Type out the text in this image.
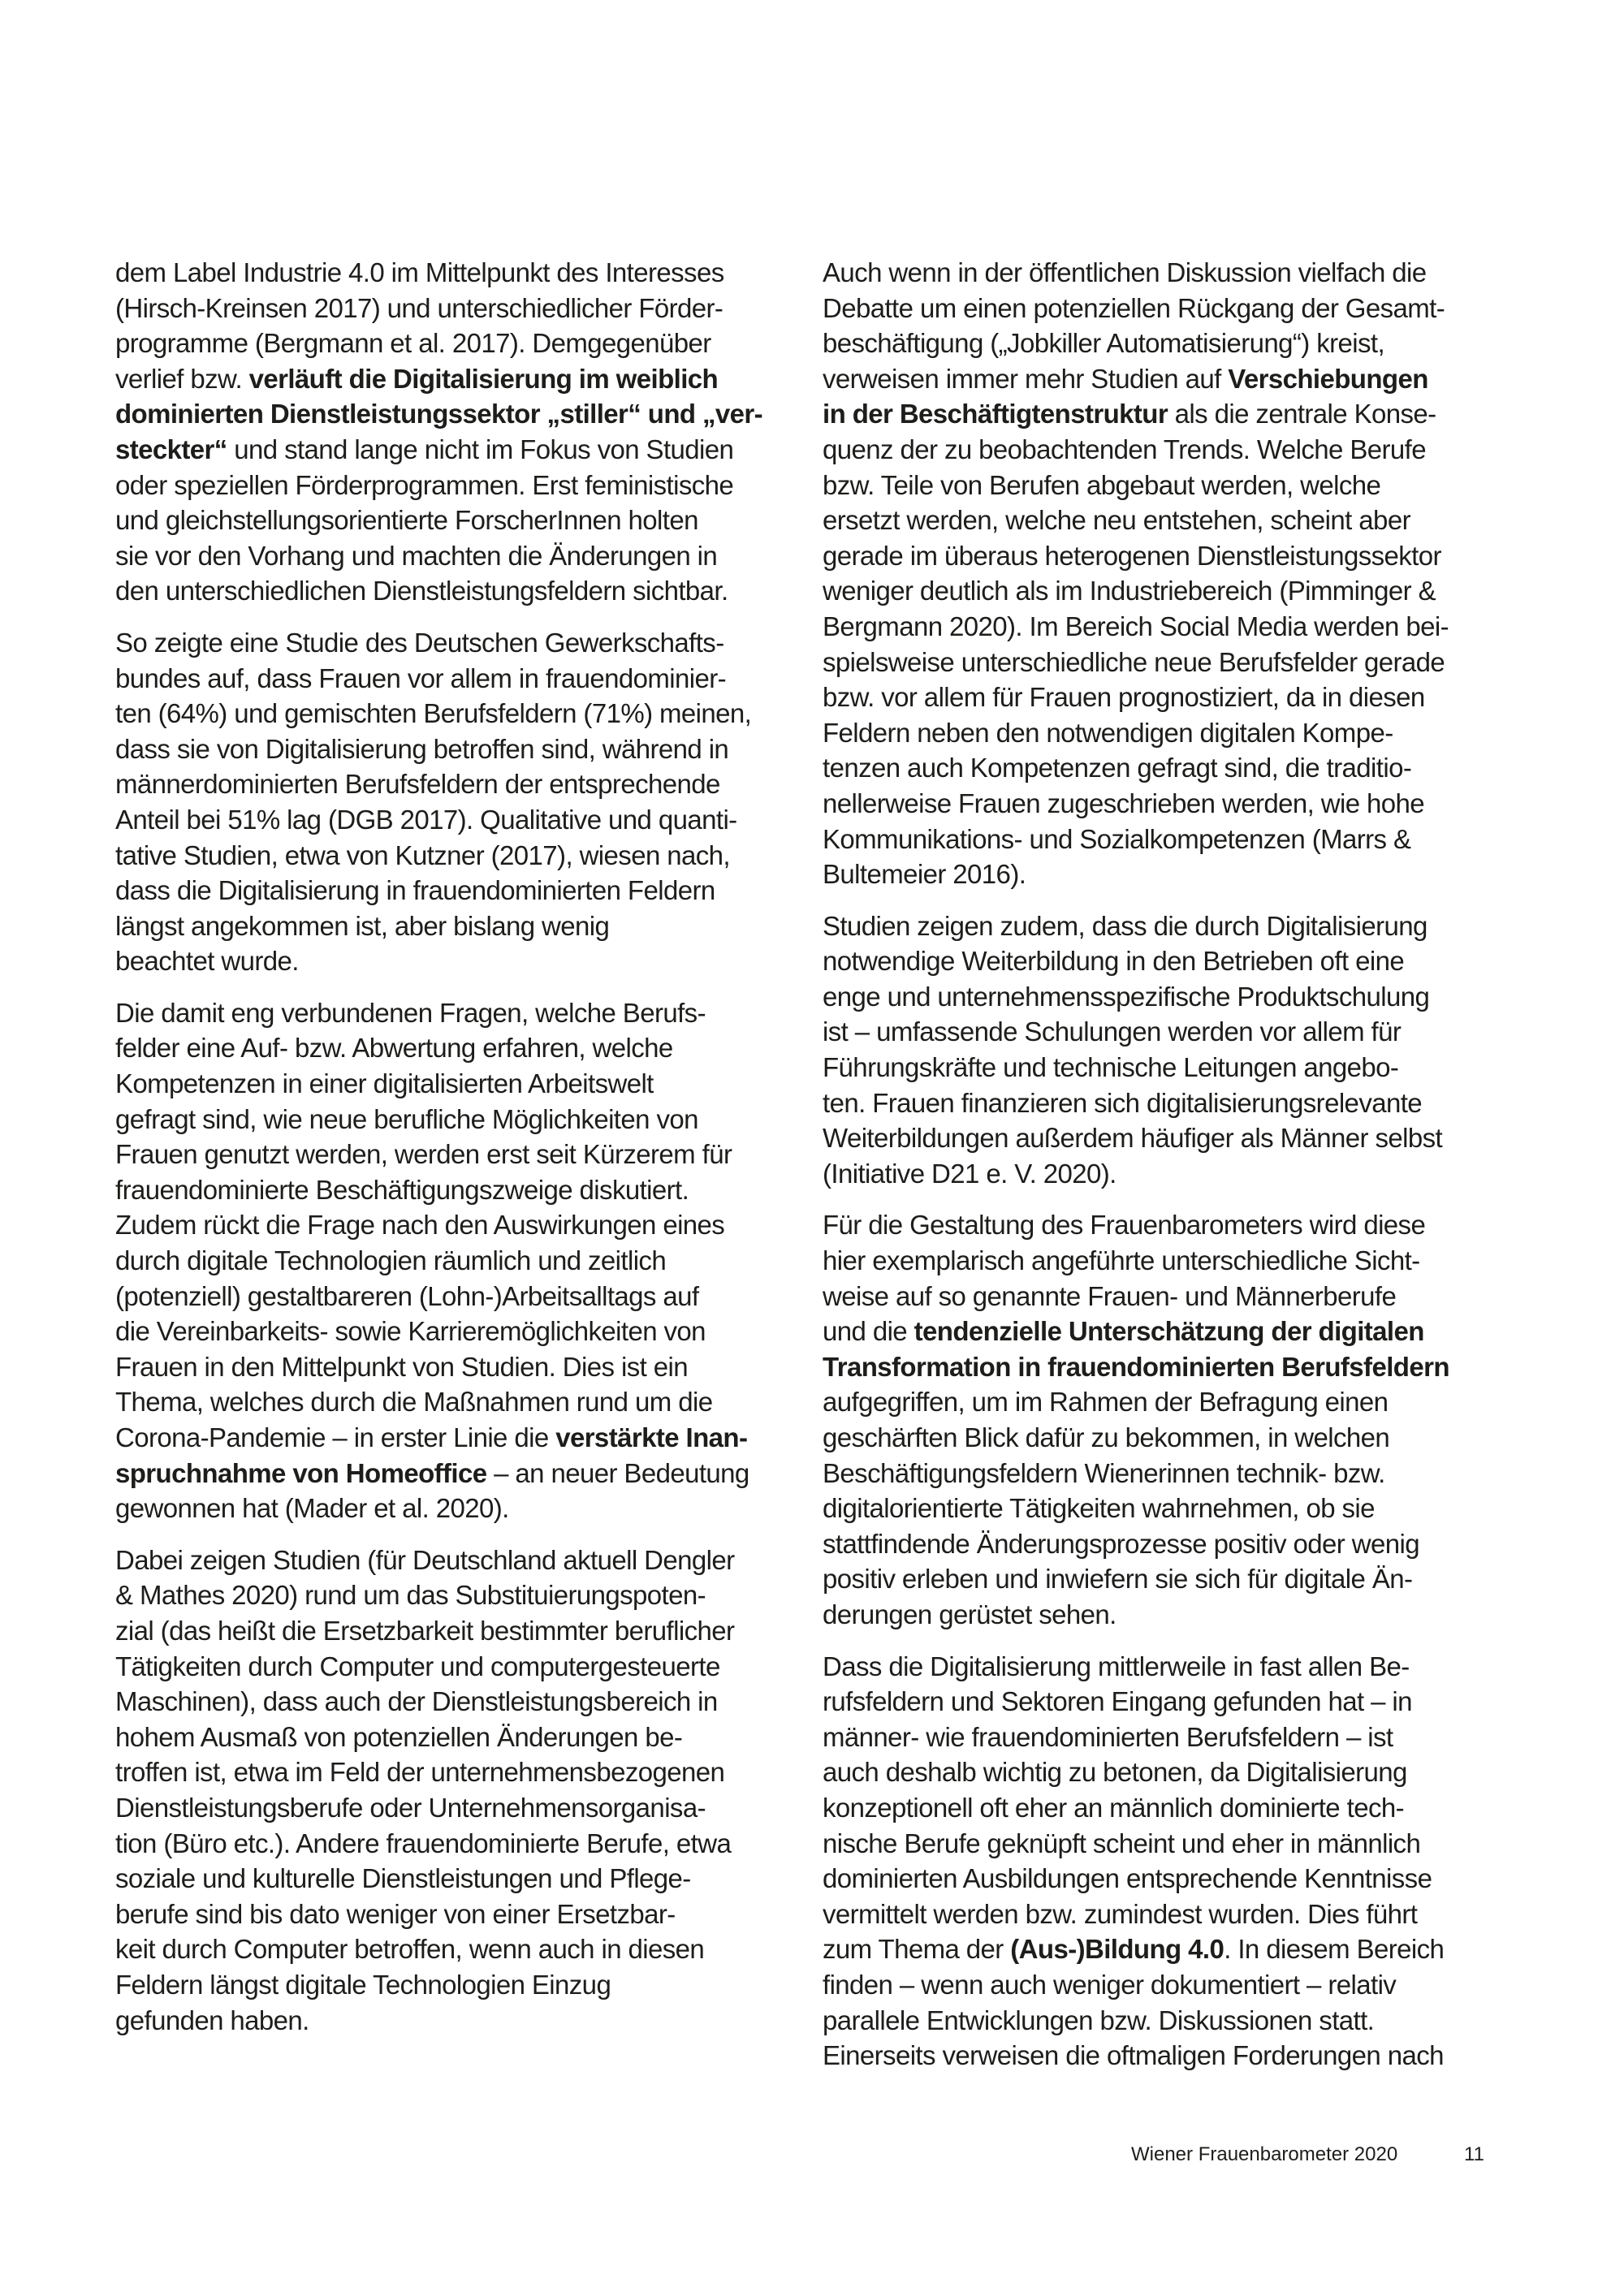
dem Label Industrie 4.0 im Mittelpunkt des Interesses
(Hirsch-Kreinsen 2017) und unterschiedlicher Förder-
programme (Bergmann et al. 2017). Demgegenüber
verlief bzw. verläuft die Digitalisierung im weiblich
dominierten Dienstleistungssektor „stiller“ und „ver-
steckter“ und stand lange nicht im Fokus von Studien
oder speziellen Förderprogrammen. Erst feministische
und gleichstellungsorientierte ForscherInnen holten
sie vor den Vorhang und machten die Änderungen in
den unterschiedlichen Dienstleistungsfeldern sichtbar.
So zeigte eine Studie des Deutschen Gewerkschafts-
bundes auf, dass Frauen vor allem in frauendominier-
ten (64%) und gemischten Berufsfeldern (71%) meinen,
dass sie von Digitalisierung betroffen sind, während in
männerdominierten Berufsfeldern der entsprechende
Anteil bei 51% lag (DGB 2017). Qualitative und quanti-
tative Studien, etwa von Kutzner (2017), wiesen nach,
dass die Digitalisierung in frauendominierten Feldern
längst angekommen ist, aber bislang wenig
beachtet wurde.
Die damit eng verbundenen Fragen, welche Berufs-
felder eine Auf- bzw. Abwertung erfahren, welche
Kompetenzen in einer digitalisierten Arbeitswelt
gefragt sind, wie neue berufliche Möglichkeiten von
Frauen genutzt werden, werden erst seit Kürzerem für
frauendominierte Beschäftigungszweige diskutiert.
Zudem rückt die Frage nach den Auswirkungen eines
durch digitale Technologien räumlich und zeitlich
(potenziell) gestaltbareren (Lohn-)Arbeitsalltags auf
die Vereinbarkeits- sowie Karrieremöglichkeiten von
Frauen in den Mittelpunkt von Studien. Dies ist ein
Thema, welches durch die Maßnahmen rund um die
Corona-Pandemie – in erster Linie die verstärkte Inan-
spruchnahme von Homeoffice – an neuer Bedeutung
gewonnen hat (Mader et al. 2020).
Dabei zeigen Studien (für Deutschland aktuell Dengler
& Mathes 2020) rund um das Substituierungspoten-
zial (das heißt die Ersetzbarkeit bestimmter beruflicher
Tätigkeiten durch Computer und computergesteuerte
Maschinen), dass auch der Dienstleistungsbereich in
hohem Ausmaß von potenziellen Änderungen be-
troffen ist, etwa im Feld der unternehmensbezogenen
Dienstleistungsberufe oder Unternehmensorganisa-
tion (Büro etc.). Andere frauendominierte Berufe, etwa
soziale und kulturelle Dienstleistungen und Pflege-
berufe sind bis dato weniger von einer Ersetzbar-
keit durch Computer betroffen, wenn auch in diesen
Feldern längst digitale Technologien Einzug
gefunden haben.
Auch wenn in der öffentlichen Diskussion vielfach die
Debatte um einen potenziellen Rückgang der Gesamt-
beschäftigung („Jobkiller Automatisierung“) kreist,
verweisen immer mehr Studien auf Verschiebungen
in der Beschäftigtenstruktur als die zentrale Konse-
quenz der zu beobachtenden Trends. Welche Berufe
bzw. Teile von Berufen abgebaut werden, welche
ersetzt werden, welche neu entstehen, scheint aber
gerade im überaus heterogenen Dienstleistungssektor
weniger deutlich als im Industriebereich (Pimminger &
Bergmann 2020). Im Bereich Social Media werden bei-
spielsweise unterschiedliche neue Berufsfelder gerade
bzw. vor allem für Frauen prognostiziert, da in diesen
Feldern neben den notwendigen digitalen Kompe-
tenzen auch Kompetenzen gefragt sind, die traditio-
nellerweise Frauen zugeschrieben werden, wie hohe
Kommunikations- und Sozialkompetenzen (Marrs &
Bultemeier 2016).
Studien zeigen zudem, dass die durch Digitalisierung
notwendige Weiterbildung in den Betrieben oft eine
enge und unternehmensspezifische Produktschulung
ist – umfassende Schulungen werden vor allem für
Führungskräfte und technische Leitungen angebo-
ten. Frauen finanzieren sich digitalisierungsrelevante
Weiterbildungen außerdem häufiger als Männer selbst
(Initiative D21 e. V. 2020).
Für die Gestaltung des Frauenbarometers wird diese
hier exemplarisch angeführte unterschiedliche Sicht-
weise auf so genannte Frauen- und Männerberufe
und die tendenzielle Unterschätzung der digitalen
Transformation in frauendominierten Berufsfeldern
aufgegriffen, um im Rahmen der Befragung einen
geschärften Blick dafür zu bekommen, in welchen
Beschäftigungsfeldern Wienerinnen technik- bzw.
digitalorientierte Tätigkeiten wahrnehmen, ob sie
stattfindende Änderungsprozesse positiv oder wenig
positiv erleben und inwiefern sie sich für digitale Än-
derungen gerüstet sehen.
Dass die Digitalisierung mittlerweile in fast allen Be-
rufsfeldern und Sektoren Eingang gefunden hat – in
männer- wie frauendominierten Berufsfeldern – ist
auch deshalb wichtig zu betonen, da Digitalisierung
konzeptionell oft eher an männlich dominierte tech-
nische Berufe geknüpft scheint und eher in männlich
dominierten Ausbildungen entsprechende Kenntnisse
vermittelt werden bzw. zumindest wurden. Dies führt
zum Thema der (Aus-)Bildung 4.0. In diesem Bereich
finden – wenn auch weniger dokumentiert – relativ
parallele Entwicklungen bzw. Diskussionen statt.
Einerseits verweisen die oftmaligen Forderungen nach
Wiener Frauenbarometer 2020	11
